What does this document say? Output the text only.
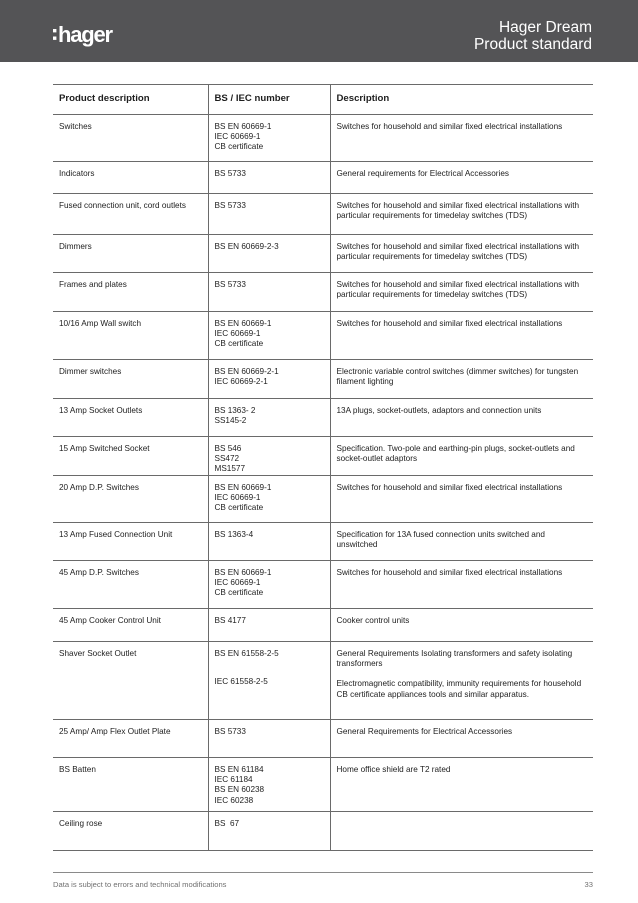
hager	Hager Dream
Product standard
Product description	BS / IEC number	Description

Switches	BS EN 60669-1
IEC 60669-1
CB certificate	Switches for household and similar fixed electrical installations

Indicators	BS 5733	General requirements for Electrical Accessories

Fused connection unit, cord outlets	BS 5733	Switches for household and similar fixed electrical installations with particular requirements for timedelay switches (TDS)

Dimmers	BS EN 60669-2-3	Switches for household and similar fixed electrical installations with particular requirements for timedelay switches (TDS)

Frames and plates	BS 5733	Switches for household and similar fixed electrical installations with particular requirements for timedelay switches (TDS)

10/16 Amp Wall switch	BS EN 60669-1
IEC 60669-1
CB certificate	Switches for household and similar fixed electrical installations

Dimmer switches	BS EN 60669-2-1
IEC 60669-2-1	Electronic variable control switches (dimmer switches) for tungsten filament lighting

13 Amp Socket Outlets	BS 1363- 2
SS145-2	13A plugs, socket-outlets, adaptors and connection units

15 Amp Switched Socket	BS 546
SS472
MS1577	Specification. Two-pole and earthing-pin plugs, socket-outlets and socket-outlet adaptors

20 Amp D.P. Switches	BS EN 60669-1
IEC 60669-1
CB certificate	Switches for household and similar fixed electrical installations

13 Amp Fused Connection Unit	BS 1363-4	Specification for 13A fused connection units switched and unswitched

45 Amp D.P. Switches	BS EN 60669-1
IEC 60669-1
CB certificate	Switches for household and similar fixed electrical installations

45 Amp Cooker Control Unit	BS 4177	Cooker control units

Shaver Socket Outlet	BS EN 61558-2-5
IEC 61558-2-5	General Requirements Isolating transformers and safety isolating transformers
Electromagnetic compatibility, immunity requirements for household CB certificate appliances tools and similar apparatus.

25 Amp/ Amp Flex Outlet Plate	BS 5733	General Requirements for Electrical Accessories

BS Batten	BS EN 61184
IEC 61184
BS EN 60238
IEC 60238	Home office shield are T2 rated

Ceiling rose	BS  67	

Data is subject to errors and technical modifications	33
